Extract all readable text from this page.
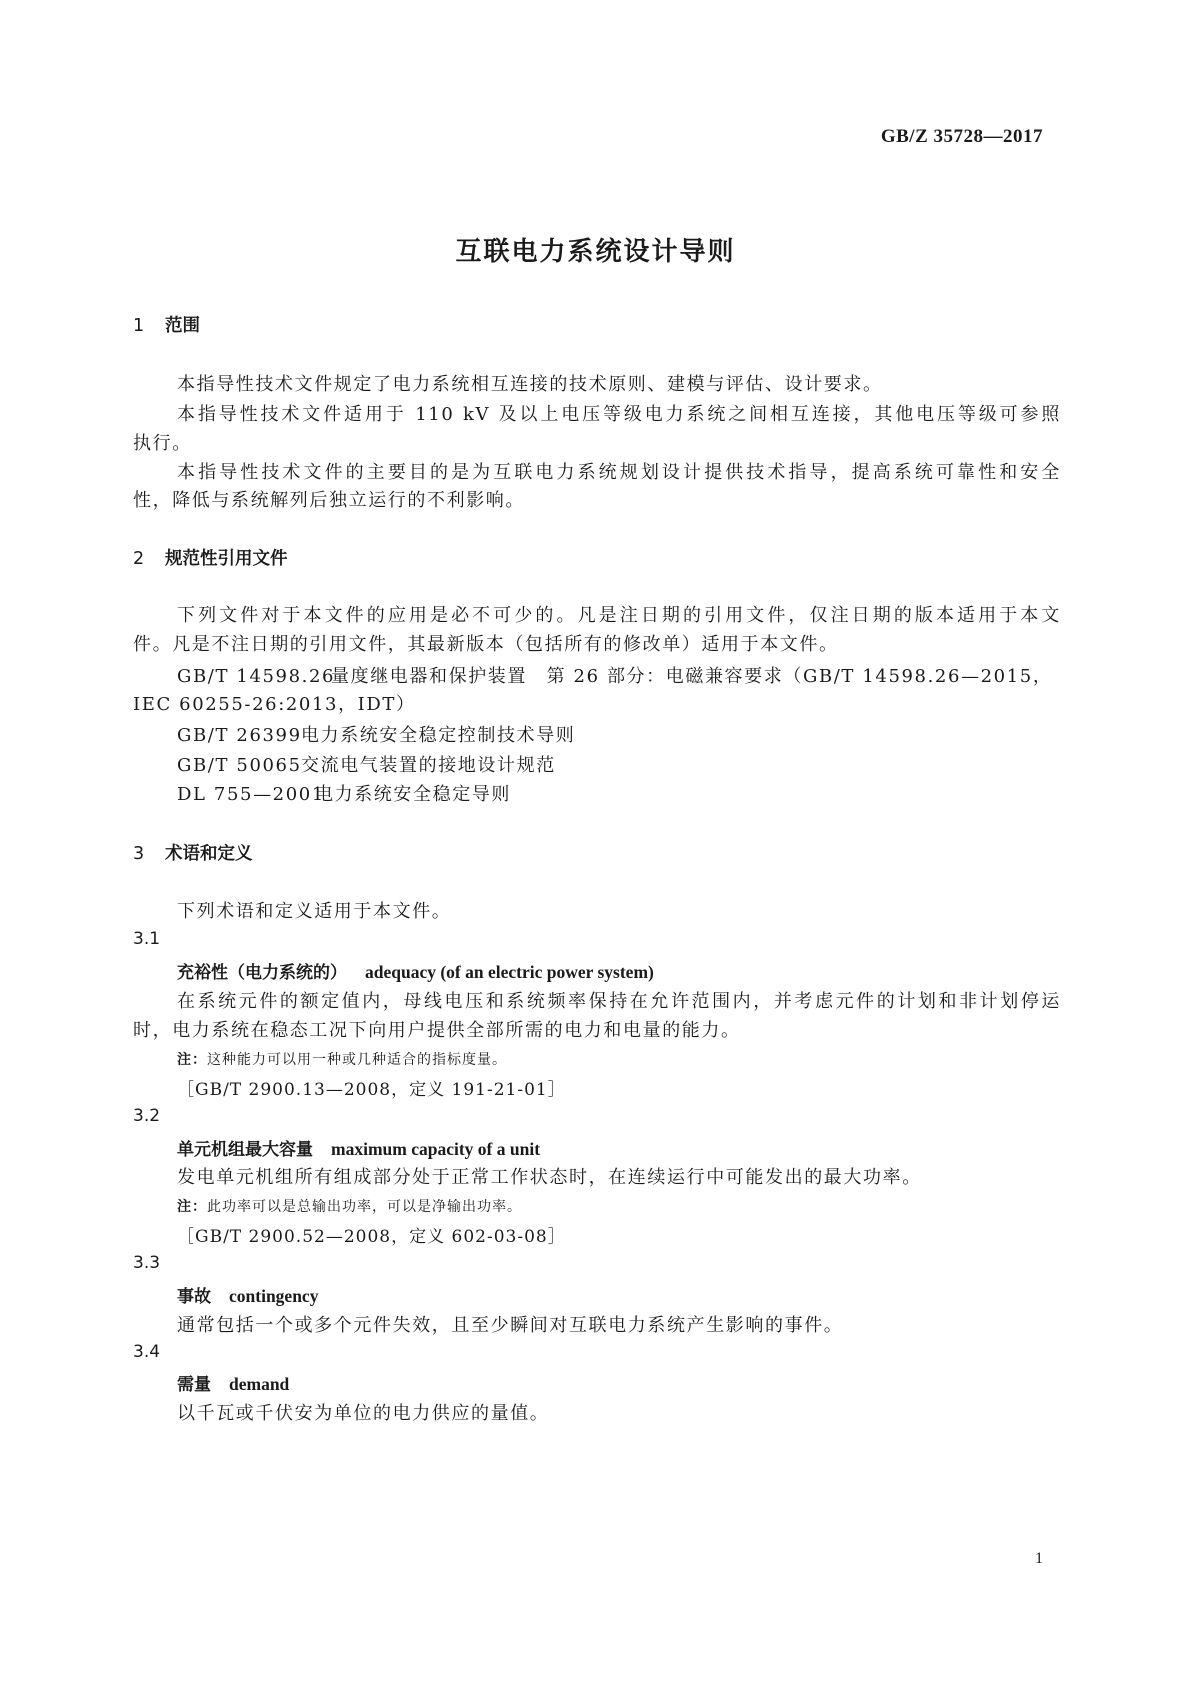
GB/Z 35728—2017
互联电力系统设计导则
1 范围
本指导性技术文件规定了电力系统相互连接的技术原则、建模与评估、设计要求。
本指导性技术文件适用于 110 kV 及以上电压等级电力系统之间相互连接，其他电压等级可参照
执行。
本指导性技术文件的主要目的是为互联电力系统规划设计提供技术指导，提高系统可靠性和安全
性，降低与系统解列后独立运行的不利影响。
2 规范性引用文件
下列文件对于本文件的应用是必不可少的。凡是注日期的引用文件，仅注日期的版本适用于本文
件。凡是不注日期的引用文件，其最新版本（包括所有的修改单）适用于本文件。
GB/T 14598.26量度继电器和保护装置　第 26 部分：电磁兼容要求（GB/T 14598.26—2015，
IEC 60255-26:2013，IDT）
GB/T 26399电力系统安全稳定控制技术导则
GB/T 50065交流电气装置的接地设计规范
DL 755—2001电力系统安全稳定导则
3 术语和定义
下列术语和定义适用于本文件。
3.1
充裕性（电力系统的） adequacy (of an electric power system)
在系统元件的额定值内，母线电压和系统频率保持在允许范围内，并考虑元件的计划和非计划停运
时，电力系统在稳态工况下向用户提供全部所需的电力和电量的能力。
注：这种能力可以用一种或几种适合的指标度量。
［GB/T 2900.13—2008，定义 191-21-01］
3.2
单元机组最大容量 maximum capacity of a unit
发电单元机组所有组成部分处于正常工作状态时，在连续运行中可能发出的最大功率。
注：此功率可以是总输出功率，可以是净输出功率。
［GB/T 2900.52—2008，定义 602-03-08］
3.3
事故 contingency
通常包括一个或多个元件失效，且至少瞬间对互联电力系统产生影响的事件。
3.4
需量 demand
以千瓦或千伏安为单位的电力供应的量值。
1
